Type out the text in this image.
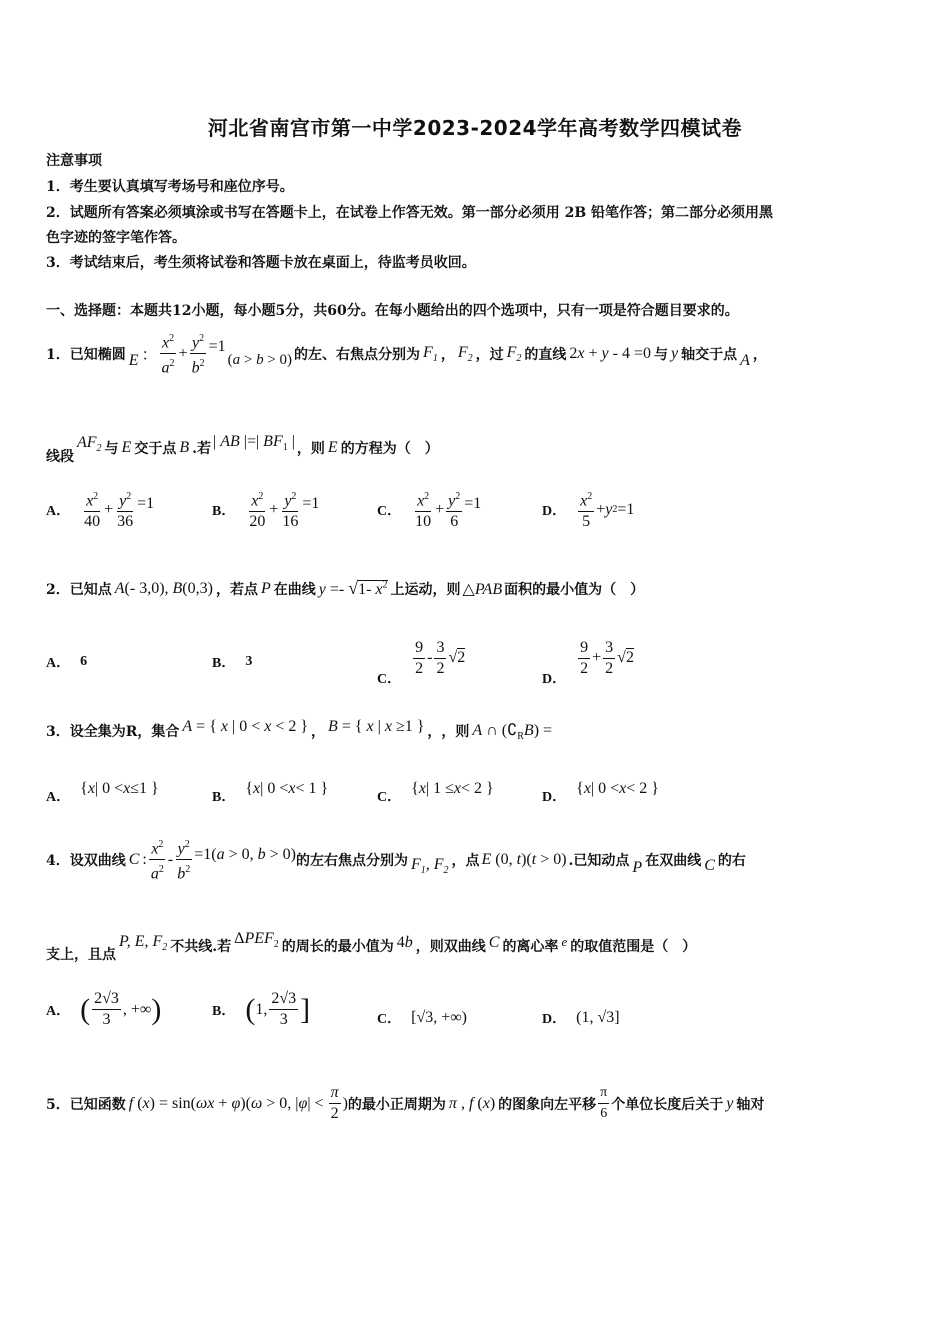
河北省南宫市第一中学2023-2024学年高考数学四模试卷
注意事项
1．考生要认真填写考场号和座位序号。
2．试题所有答案必须填涂或书写在答题卡上，在试卷上作答无效。第一部分必须用 2B 铅笔作答；第二部分必须用黑
色字迹的签字笔作答。
3．考试结束后，考生须将试卷和答题卡放在桌面上，待监考员收回。
一、选择题：本题共12小题，每小题5分，共60分。在每小题给出的四个选项中，只有一项是符合题目要求的。
1．已知椭圆 E ： $\frac{x^2}{a^2} + \frac{y^2}{b^2} =1$
(a > b > 0) 的左、右焦点分别为 $F_1$ ， $F_2$ ，过 $F_2$ 的直线 2x + y - 4 =0 与 y 轴交于点 A ，
线段
$AF_2$ 与 E 交于点 B .若 | AB |=| $BF_1$ | ，则 E 的方程为（　）
A． $\frac{x^2}{40} + \frac{y^2}{36} =1$	B． $\frac{x^2}{20} + \frac{y^2}{16} =1$	C． $\frac{x^2}{10} + \frac{y^2}{6} =1$	D． $\frac{x^2}{5} + y$ 2 =1
2．已知点 A(- 3,0), B(0,3) ，若点 P 在曲线 y =- √1- $x^2$ 上运动，则 △PAB 面积的最小值为（　）
A． 6	B． 3
C．
$\frac{9}{2} - \frac{3}{2} √2$
D．
$\frac{9}{2} + \frac{3}{2} √2$
3．设全集为R，集合 A = { x | 0 < x < 2 } ， B = { x | x ≥1 } ， ，则 A ∩ $(∁_RB)$ =
A．
{ x | 0 < x ≤1 }
B．
{ x | 0 < x < 1 }
C．
{ x | 1 ≤ x < 2 }
D．
{ x | 0 < x < 2 }
4．设双曲线 C : $\frac{x^2}{a^2} - \frac{y^2}{b^2} =1(a > 0$, b > 0) 的左右焦点分别为 $F_1$, $F_2$
，点 E (0, t)(t > 0) .已知动点 P 在双曲线 C 的右
支上，且点
P, E, $F_2$ 不共线.若
$\Delta PEF_2$ 的周长的最小值为 4b ，则双曲线 C 的离心率 e 的取值范围是（　）
A． ( $\frac{2√3}{3}$ , +∞ )	B． ( 1, $\frac{2√3}{3}$ ]	C． [√3, +∞)	D． (1, √3]
5．已知函数 f (x) = sin(ωx + φ)(ω > 0, $|\varphi| < \frac{\pi}{2}$ ) 的最小正周期为 π , f (x) 的图象向左平移 $\frac{\pi}{6}$ 个单位长度后关于 y 轴对
